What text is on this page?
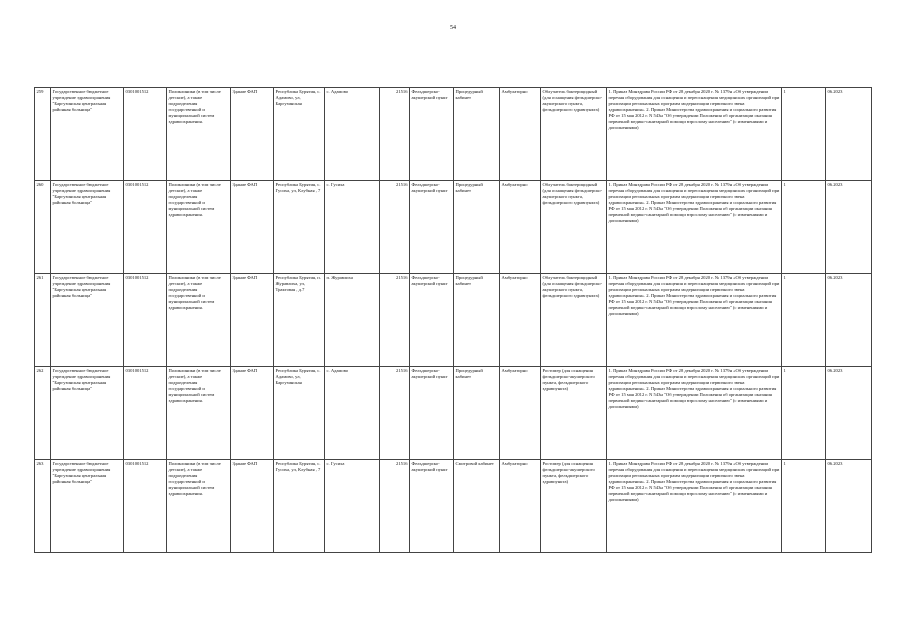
54
259	Государственное бюджетное учреждение здравоохранения "Баргузинская центральная районная больница"	0301001512	Поликлиники (в том числе детские), а также подразделения государственной и муниципальной систем здравоохранения.	Здание ФАП	Республика Бурятия, с. Адамово, ул, Баргузинская	с. Адамово	21516	Фельдшерско-акушерский пункт	Процедурный кабинет	Амбулаторно	Облучатель бактерицидный (для оснащения фельдшерско-акушерского пункта, фельдшерского здравпункта)	1. Приказ Минздрава России РФ от 28 декабря 2020 г. № 1379н «Об утверждении перечня оборудования для оснащения и переоснащения медицинских организаций при реализации региональных программ модернизации первичного звена здравоохранения». 2. Приказ Министерства здравоохранения и социального развития РФ от 15 мая 2012 г. N 543н "Об утверждении Положения об организации оказания первичной медико-санитарной помощи взрослому населению" (с изменениями и дополнениями)	1	06.2023
260	Государственное бюджетное учреждение здравоохранения "Баргузинская центральная районная больница"	0301001512	Поликлиники (в том числе детские), а также подразделения государственной и муниципальной систем здравоохранения.	Здание ФАП	Республика Бурятия, с. Гусиха, ул, Клубная , 7	с. Гусиха	21516	Фельдшерско-акушерский пункт	Процедурный кабинет	Амбулаторно	Облучатель бактерицидный (для оснащения фельдшерско-акушерского пункта, фельдшерского здравпункта)	1. Приказ Минздрава России РФ от 28 декабря 2020 г. № 1379н «Об утверждении перечня оборудования для оснащения и переоснащения медицинских организаций при реализации региональных программ модернизации первичного звена здравоохранения». 2. Приказ Министерства здравоохранения и социального развития РФ от 15 мая 2012 г. N 543н "Об утверждении Положения об организации оказания первичной медико-санитарной помощи взрослому населению" (с изменениями и дополнениями)	1	06.2023
261	Государственное бюджетное учреждение здравоохранения "Баргузинская центральная районная больница"	0301001512	Поликлиники (в том числе детские), а также подразделения государственной и муниципальной систем здравоохранения.	Здание ФАП	Республика Бурятия, п. Журавлиха, ул, Трактовая , д.7	п. Журавлиха	21516	Фельдшерско-акушерский пункт	Процедурный кабинет	Амбулаторно	Облучатель бактерицидный (для оснащения фельдшерско-акушерского пункта, фельдшерского здравпункта)	1. Приказ Минздрава России РФ от 28 декабря 2020 г. № 1379н «Об утверждении перечня оборудования для оснащения и переоснащения медицинских организаций при реализации региональных программ модернизации первичного звена здравоохранения». 2. Приказ Министерства здравоохранения и социального развития РФ от 15 мая 2012 г. N 543н "Об утверждении Положения об организации оказания первичной медико-санитарной помощи взрослому населению" (с изменениями и дополнениями)	1	06.2023
262	Государственное бюджетное учреждение здравоохранения "Баргузинская центральная районная больница"	0301001512	Поликлиники (в том числе детские), а также подразделения государственной и муниципальной систем здравоохранения.	Здание ФАП	Республика Бурятия, с. Адамово, ул, Баргузинская	с. Адамово	21516	Фельдшерско-акушерский пункт	Процедурный кабинет	Амбулаторно	Ростомер (для оснащения фельдшерско-акушерского пункта, фельдшерского здравпункта)	1. Приказ Минздрава России РФ от 28 декабря 2020 г. № 1379н «Об утверждении перечня оборудования для оснащения и переоснащения медицинских организаций при реализации региональных программ модернизации первичного звена здравоохранения». 2. Приказ Министерства здравоохранения и социального развития РФ от 15 мая 2012 г. N 543н "Об утверждении Положения об организации оказания первичной медико-санитарной помощи взрослому населению" (с изменениями и дополнениями)	1	06.2023
263	Государственное бюджетное учреждение здравоохранения "Баргузинская центральная районная больница"	0301001512	Поликлиники (в том числе детские), а также подразделения государственной и муниципальной систем здравоохранения.	Здание ФАП	Республика Бурятия, с. Гусиха, ул, Клубная , 7	с. Гусиха	21516	Фельдшерско-акушерский пункт	Смотровой кабинет	Амбулаторно	Ростомер (для оснащения фельдшерско-акушерского пункта, фельдшерского здравпункта)	1. Приказ Минздрава России РФ от 28 декабря 2020 г. № 1379н «Об утверждении перечня оборудования для оснащения и переоснащения медицинских организаций при реализации региональных программ модернизации первичного звена здравоохранения». 2. Приказ Министерства здравоохранения и социального развития РФ от 15 мая 2012 г. N 543н "Об утверждении Положения об организации оказания первичной медико-санитарной помощи взрослому населению" (с изменениями и дополнениями)	1	06.2023
